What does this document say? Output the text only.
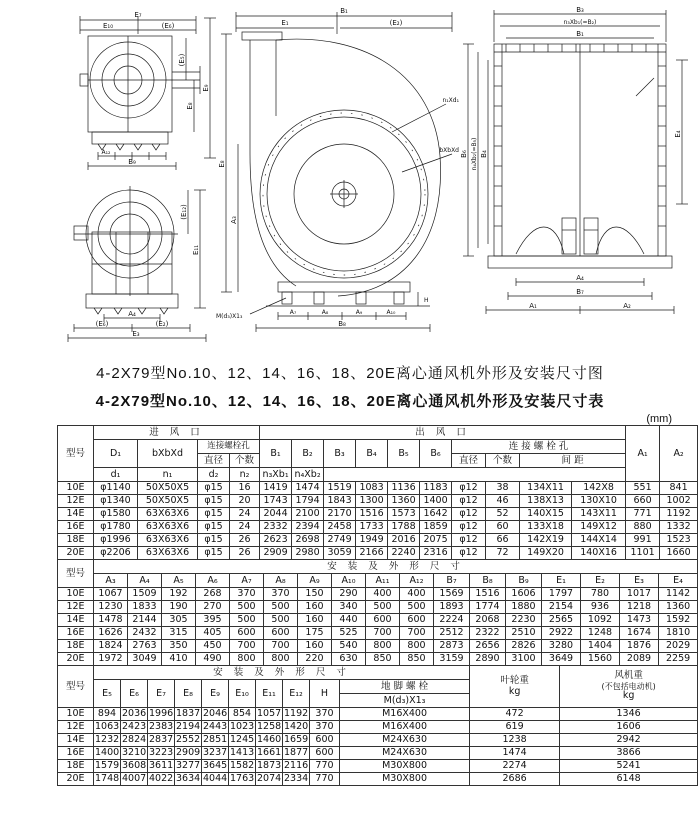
E₇
E₁₀	(E₆)
(E₅)
E₈
E₉
A₁₂
B₉
(E₁₂)
E₁₁
A₄
(E₆)	(E₂)
E₃
B₁
E₁	(E₂)
E₈
A₃
n₁Xd₁
bXbXd
M(d₃)X1₃
A₇	A₈	A₉	A₁₀
B₈
H
B₃
n₃Xb₁(=B₂)
B₁
B₆ n₄Xb₂(=B₅) B₄
E₄
A₄
B₇
A₁	A₂
4-2X79型No.10、12、14、16、18、20E离心通风机外形及安装尺寸图
4-2X79型No.10、12、14、16、18、20E离心通风机外形及安装尺寸表
(mm)
型号	进 风 口				出 风 口										A₁	A₂
	D₁	bXbXd	连接螺栓孔		B₁	B₂	B₃	B₄	B₅	B₆	连 接 螺 栓 孔					
			直径	个数							直径	个数	间 距			
	d₁	n₁	d₂	n₂	n₃Xb₁	n₄Xb₂										
10E	φ1140	50X50X5	φ15	16	1419	1474	1519	1083	1136	1183	φ12	38	134X11	142X8	551	841
12E	φ1340	50X50X5	φ15	20	1743	1794	1843	1300	1360	1400	φ12	46	138X13	130X10	660	1002
14E	φ1580	63X63X6	φ15	24	2044	2100	2170	1516	1573	1642	φ12	52	140X15	143X11	771	1192
16E	φ1780	63X63X6	φ15	24	2332	2394	2458	1733	1788	1859	φ12	60	133X18	149X12	880	1332
18E	φ1996	63X63X6	φ15	26	2623	2698	2749	1949	2016	2075	φ12	66	142X19	144X14	991	1523
20E	φ2206	63X63X6	φ15	26	2909	2980	3059	2166	2240	2316	φ12	72	149X20	140X16	1101	1660
型号	安 装 及 外 形 尺 寸																
	A₃	A₄	A₅	A₆	A₇	A₈	A₉	A₁₀	A₁₁	A₁₂	B₇	B₈	B₉	E₁	E₂	E₃	E₄
10E	1067	1509	192	268	370	370	150	290	400	400	1569	1516	1606	1797	780	1017	1142
12E	1230	1833	190	270	500	500	160	340	500	500	1893	1774	1880	2154	936	1218	1360
14E	1478	2144	305	395	500	500	160	440	600	600	2224	2068	2230	2565	1092	1473	1592
16E	1626	2432	315	405	600	600	175	525	700	700	2512	2322	2510	2922	1248	1674	1810
18E	1824	2763	350	450	700	700	160	540	800	800	2873	2656	2826	3280	1404	1876	2029
20E	1972	3049	410	490	800	800	220	630	850	850	3159	2890	3100	3649	1560	2089	2259
型号	安 装 及 外 形 尺 寸										叶轮重
kg	风机重
(不包括电动机)
kg

	E₅	E₆	E₇	E₈	E₉	E₁₀	E₁₁	E₁₂	H	地 脚 螺 栓		
										M(d₃)X1₃		
10E	894	2036	1996	1837	2046	854	1057	1192	370	M16X400	472	1346
12E	1063	2423	2383	2194	2443	1023	1258	1420	370	M16X400	619	1606
14E	1232	2824	2837	2552	2851	1245	1460	1659	600	M24X630	1238	2942
16E	1400	3210	3223	2909	3237	1413	1661	1877	600	M24X630	1474	3866
18E	1579	3608	3611	3277	3645	1582	1873	2116	770	M30X800	2274	5241
20E	1748	4007	4022	3634	4044	1763	2074	2334	770	M30X800	2686	6148
